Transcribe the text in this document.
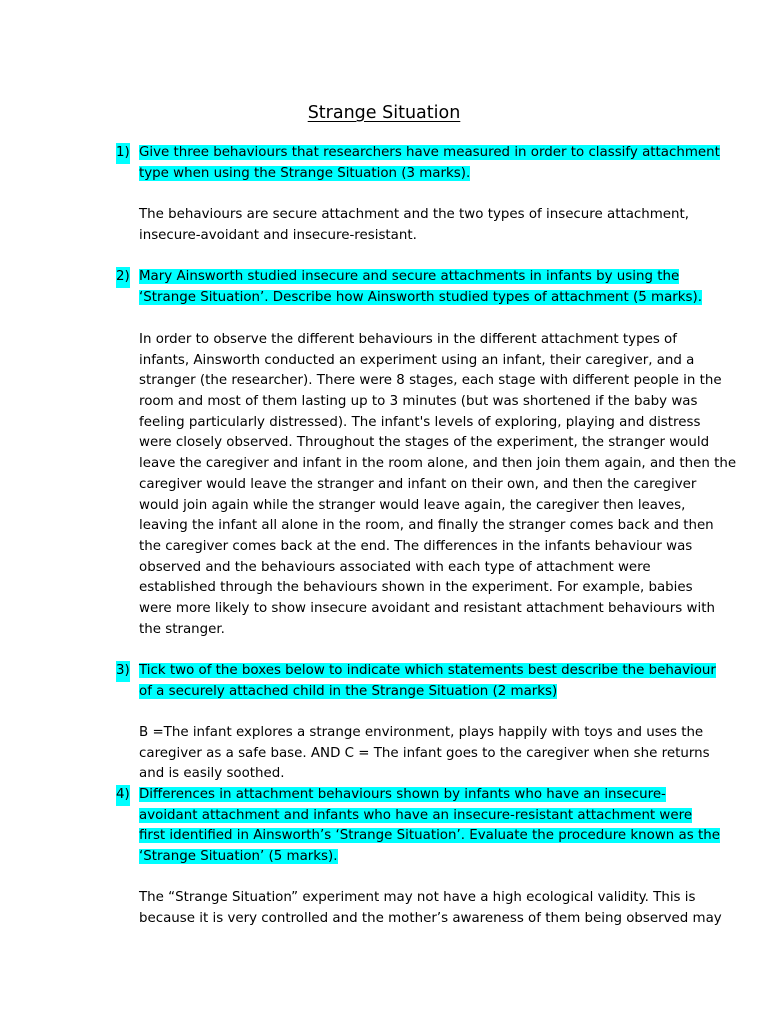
Strange Situation
1) Give three behaviours that researchers have measured in order to classify attachment
type when using the Strange Situation (3 marks).
The behaviours are secure attachment and the two types of insecure attachment,
insecure-avoidant and insecure-resistant.
2) Mary Ainsworth studied insecure and secure attachments in infants by using the
‘Strange Situation’. Describe how Ainsworth studied types of attachment (5 marks).
In order to observe the different behaviours in the different attachment types of
infants, Ainsworth conducted an experiment using an infant, their caregiver, and a
stranger (the researcher). There were 8 stages, each stage with different people in the
room and most of them lasting up to 3 minutes (but was shortened if the baby was
feeling particularly distressed). The infant's levels of exploring, playing and distress
were closely observed. Throughout the stages of the experiment, the stranger would
leave the caregiver and infant in the room alone, and then join them again, and then the
caregiver would leave the stranger and infant on their own, and then the caregiver
would join again while the stranger would leave again, the caregiver then leaves,
leaving the infant all alone in the room, and finally the stranger comes back and then
the caregiver comes back at the end. The differences in the infants behaviour was
observed and the behaviours associated with each type of attachment were
established through the behaviours shown in the experiment. For example, babies
were more likely to show insecure avoidant and resistant attachment behaviours with
the stranger.
3) Tick two of the boxes below to indicate which statements best describe the behaviour
of a securely attached child in the Strange Situation (2 marks)
B =The infant explores a strange environment, plays happily with toys and uses the
caregiver as a safe base. AND C = The infant goes to the caregiver when she returns
and is easily soothed.
4) Differences in attachment behaviours shown by infants who have an insecure-
avoidant attachment and infants who have an insecure-resistant attachment were
first identified in Ainsworth’s ‘Strange Situation’. Evaluate the procedure known as the
‘Strange Situation’ (5 marks).
The “Strange Situation” experiment may not have a high ecological validity. This is
because it is very controlled and the mother’s awareness of them being observed may
